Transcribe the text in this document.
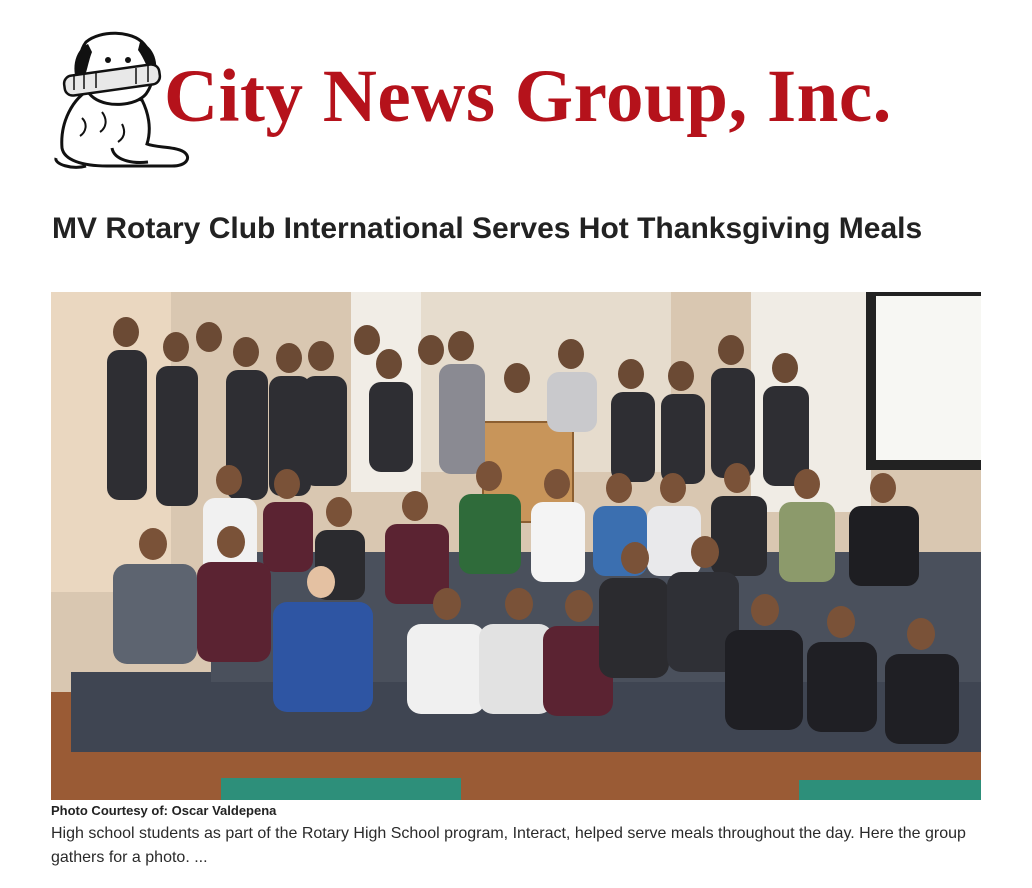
City News Group, Inc.
MV Rotary Club International Serves Hot Thanksgiving Meals
Photo Courtesy of: Oscar Valdepena

High school students as part of the Rotary High School program, Interact, helped serve meals throughout the day. Here the group gathers for a photo. ...
